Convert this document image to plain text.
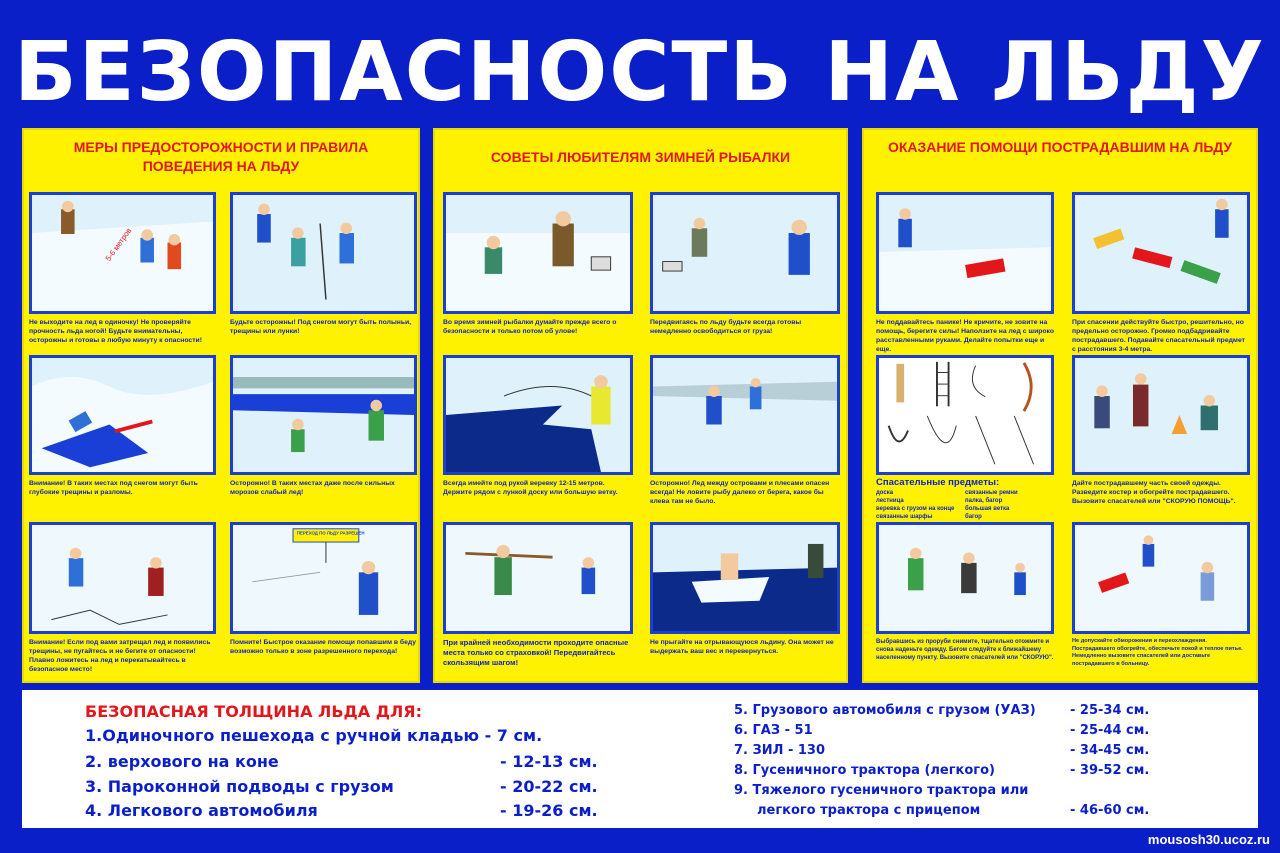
БЕЗОПАСНОСТЬ НА ЛЬДУ
МЕРЫ ПРЕДОСТОРОЖНОСТИ И ПРАВИЛА ПОВЕДЕНИЯ НА ЛЬДУ
5-6 метров
Не выходите на лед в одиночку! Не проверяйте прочность льда ногой! Будьте внимательны, осторожны и готовы в любую минуту к опасности!
Будьте осторожны! Под снегом могут быть полыньи, трещины или лунки!
Внимание! В таких местах под снегом могут быть глубокие трещины и разломы.
Осторожно! В таких местах даже после сильных морозов слабый лед!
Внимание! Если под вами затрещал лед и появились трещины, не пугайтесь и не бегите от опасности! Плавно ложитесь на лед и перекатывайтесь в безопасное место!
ПЕРЕХОД ПО ЛЬДУ РАЗРЕШЕН
Помните! Быстрое оказание помощи попавшим в беду возможно только в зоне разрешенного перехода!
СОВЕТЫ ЛЮБИТЕЛЯМ ЗИМНЕЙ РЫБАЛКИ
Во время зимней рыбалки думайте прежде всего о безопасности и только потом об улове!
Передвигаясь по льду будьте всегда готовы немедленно освободиться от груза!
Всегда имейте под рукой веревку 12-15 метров. Держите рядом с лункой доску или большую ветку.
Осторожно! Лед между островами и плесами опасен всегда! Не ловите рыбу далеко от берега, какое бы клева там не было.
При крайней необходимости проходите опасные места только со страховкой! Передвигайтесь скользящим шагом!
Не прыгайте на отрывающуюся льдину. Она может не выдержать ваш вес и перевернуться.
ОКАЗАНИЕ ПОМОЩИ ПОСТРАДАВШИМ НА ЛЬДУ
Не поддавайтесь панике! Не кричите, не зовите на помощь, берегите силы! Наползите на лед с широко расставленными руками. Делайте попытки еще и еще.
При спасении действуйте быстро, решительно, но предельно осторожно. Громко подбадривайте пострадавшего. Подавайте спасательный предмет с расстояния 3-4 метра.
Спасательные предметы:
доска
лестница
веревка с грузом на конце
связанные шарфы
связанные ремни
палка, багор
большая ветка
багор
Дайте пострадавшему часть своей одежды. Разведите костер и обогрейте пострадавшего. Вызовите спасателей или "СКОРУЮ ПОМОЩЬ".
Выбравшись из проруби снимите, тщательно отожмите и снова наденьте одежду. Бегом следуйте к ближайшему населенному пункту. Вызовите спасателей или "СКОРУЮ".
Не допускайте обморожения и переохлаждения. Пострадавшего обогрейте, обеспечьте покой и теплое питье. Немедленно вызовите спасателей или доставьте пострадавшего в больницу.
БЕЗОПАСНАЯ ТОЛЩИНА ЛЬДА ДЛЯ:
1.Одиночного пешехода с ручной кладью - 7 см.
2. верхового на коне	- 12-13 см.
3. Пароконной подводы с грузом	- 20-22 см.
4. Легкового автомобиля	- 19-26 см.
5. Грузового автомобиля с грузом (УАЗ)	- 25-34 см.
6. ГАЗ - 51	- 25-44 см.
7. ЗИЛ - 130	- 34-45 см.
8. Гусеничного трактора (легкого)	- 39-52 см.
9. Тяжелого гусеничного трактора или
легкого трактора с прицепом	- 46-60 см.
mousosh30.ucoz.ru
